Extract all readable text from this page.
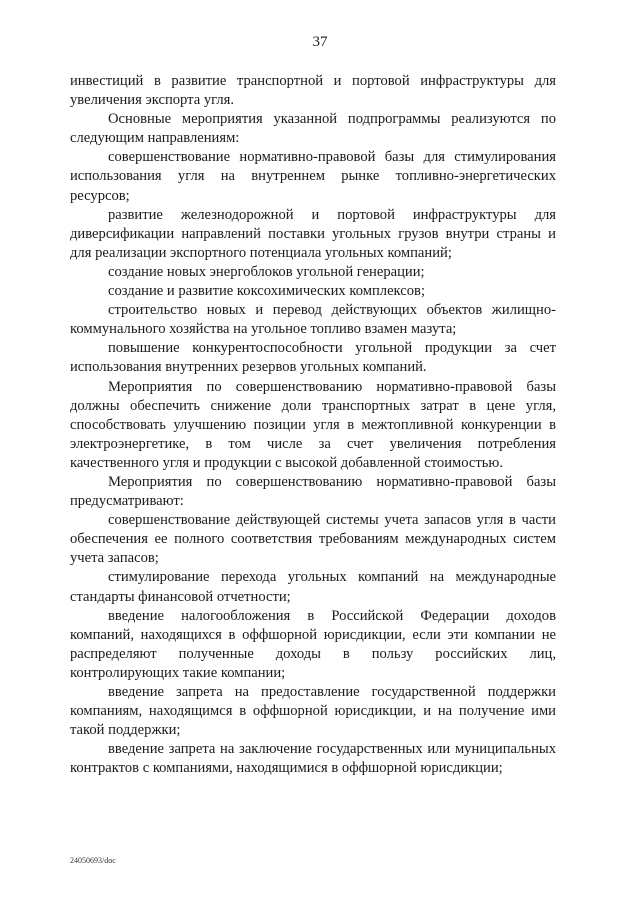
37

инвестиций в развитие транспортной и портовой инфраструктуры для увеличения экспорта угля.

Основные мероприятия указанной подпрограммы реализуются по следующим направлениям:

совершенствование нормативно-правовой базы для стимулирования использования угля на внутреннем рынке топливно-энергетических ресурсов;

развитие железнодорожной и портовой инфраструктуры для диверсификации направлений поставки угольных грузов внутри страны и для реализации экспортного потенциала угольных компаний;

создание новых энергоблоков угольной генерации;

создание и развитие коксохимических комплексов;

строительство новых и перевод действующих объектов жилищно-коммунального хозяйства на угольное топливо взамен мазута;

повышение конкурентоспособности угольной продукции за счет использования внутренних резервов угольных компаний.

Мероприятия по совершенствованию нормативно-правовой базы должны обеспечить снижение доли транспортных затрат в цене угля, способствовать улучшению позиции угля в межтопливной конкуренции в электроэнергетике, в том числе за счет увеличения потребления качественного угля и продукции с высокой добавленной стоимостью.

Мероприятия по совершенствованию нормативно-правовой базы предусматривают:

совершенствование действующей системы учета запасов угля в части обеспечения ее полного соответствия требованиям международных систем учета запасов;

стимулирование перехода угольных компаний на международные стандарты финансовой отчетности;

введение налогообложения в Российской Федерации доходов компаний, находящихся в оффшорной юрисдикции, если эти компании не распределяют полученные доходы в пользу российских лиц, контролирующих такие компании;

введение запрета на предоставление государственной поддержки компаниям, находящимся в оффшорной юрисдикции, и на получение ими такой поддержки;

введение запрета на заключение государственных или муниципальных контрактов с компаниями, находящимися в оффшорной юрисдикции;

24050693/doc
